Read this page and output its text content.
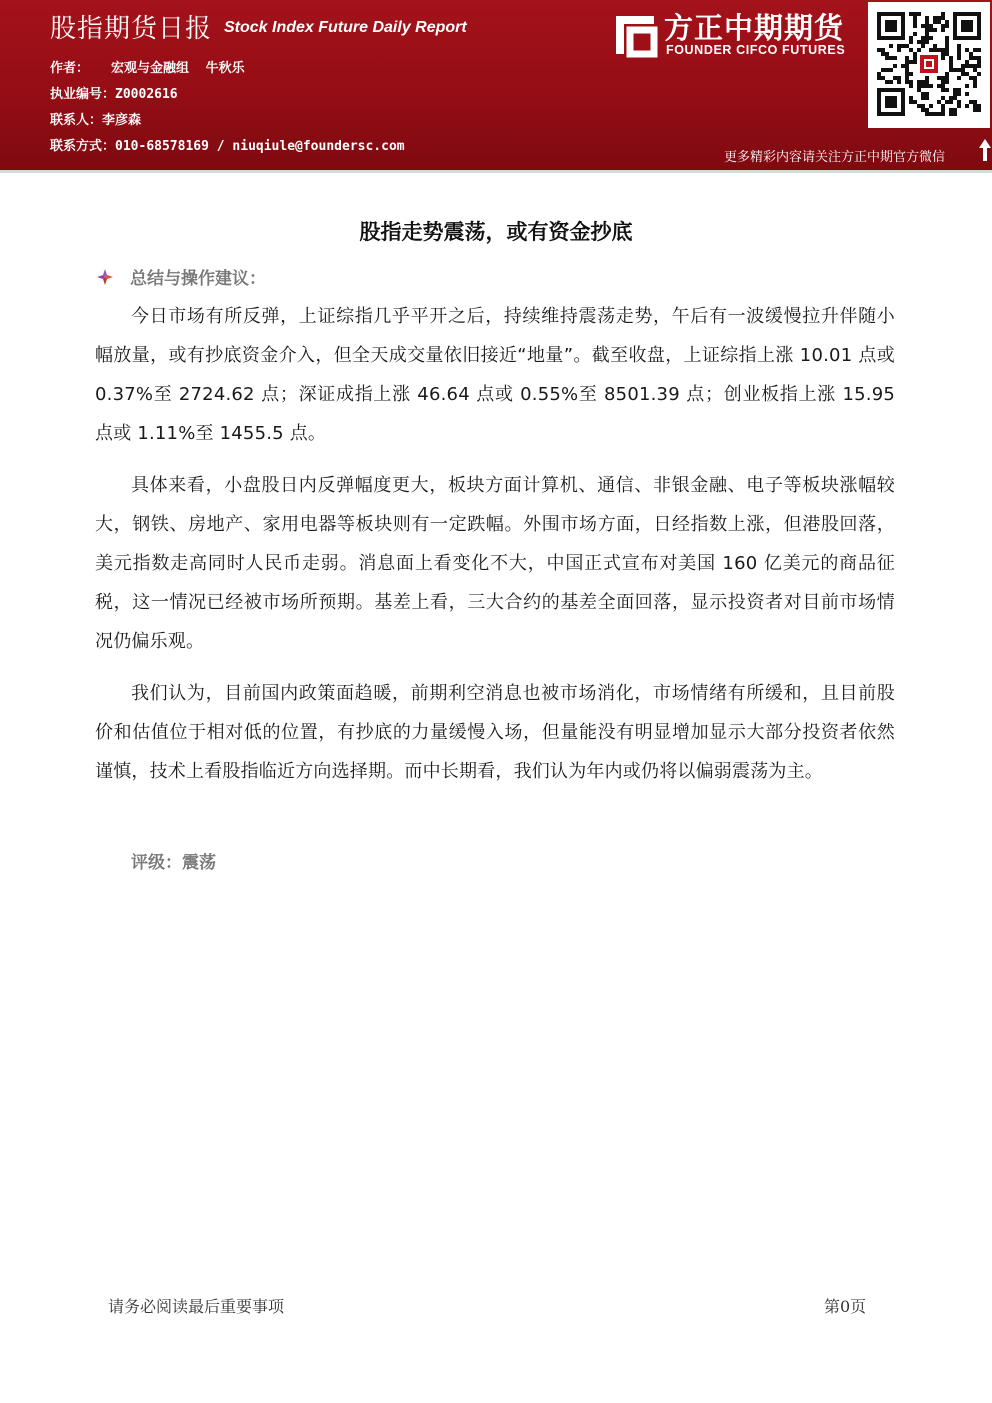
股指期货日报 Stock Index Future Daily Report
作者： 宏观与金融组 牛秋乐
执业编号：Z0002616
联系人：李彦森
联系方式：010-68578169 / niuqiule@foundersc.com
方正中期期货
FOUNDER CIFCO FUTURES
更多精彩内容请关注方正中期官方微信
股指走势震荡，或有资金抄底
总结与操作建议：

今日市场有所反弹，上证综指几乎平开之后，持续维持震荡走势，午后有一波缓慢拉升伴随小幅放量，或有抄底资金介入，但全天成交量依旧接近“地量”。截至收盘，上证综指上涨 10.01 点或 0.37%至 2724.62 点；深证成指上涨 46.64 点或 0.55%至 8501.39 点；创业板指上涨 15.95 点或 1.11%至 1455.5 点。

具体来看，小盘股日内反弹幅度更大，板块方面计算机、通信、非银金融、电子等板块涨幅较大，钢铁、房地产、家用电器等板块则有一定跌幅。外围市场方面，日经指数上涨，但港股回落，美元指数走高同时人民币走弱。消息面上看变化不大，中国正式宣布对美国 160 亿美元的商品征税，这一情况已经被市场所预期。基差上看，三大合约的基差全面回落，显示投资者对目前市场情况仍偏乐观。

我们认为，目前国内政策面趋暖，前期利空消息也被市场消化，市场情绪有所缓和，且目前股价和估值位于相对低的位置，有抄底的力量缓慢入场，但量能没有明显增加显示大部分投资者依然谨慎，技术上看股指临近方向选择期。而中长期看，我们认为年内或仍将以偏弱震荡为主。

评级：震荡
请务必阅读最后重要事项	第0页
